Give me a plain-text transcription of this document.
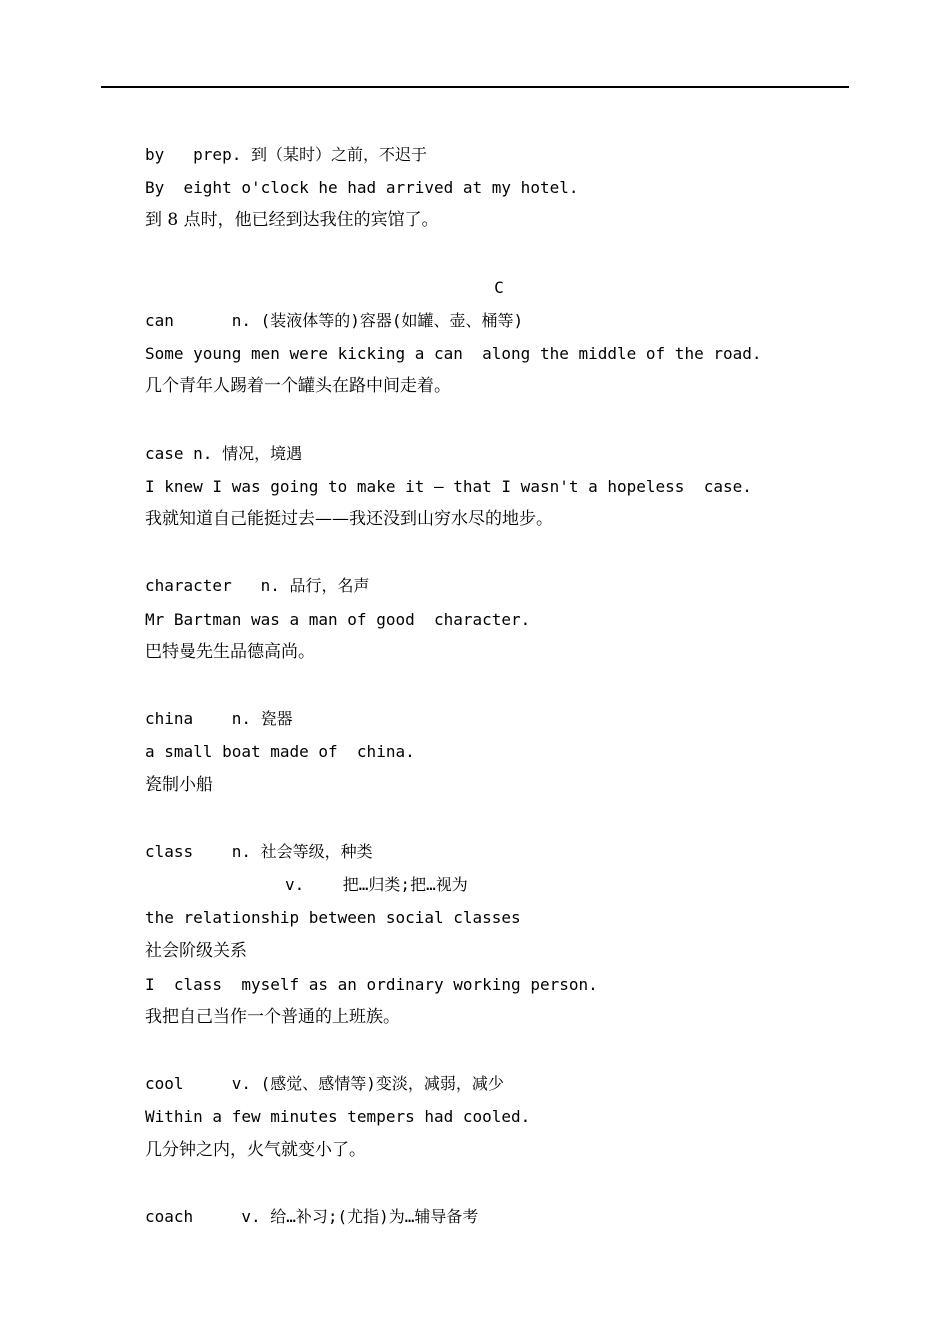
by   prep. 到（某时）之前，不迟于
By  eight o'clock he had arrived at my hotel.
到 8 点时，他已经到达我住的宾馆了。
C
can      n. (装液体等的)容器(如罐、壶、桶等)
Some young men were kicking a can  along the middle of the road.
几个青年人踢着一个罐头在路中间走着。
case n. 情况，境遇
I knew I was going to make it — that I wasn't a hopeless  case.
我就知道自己能挺过去——我还没到山穷水尽的地步。
character   n. 品行，名声
Mr Bartman was a man of good  character.
巴特曼先生品德高尚。
china    n. 瓷器
a small boat made of  china.
瓷制小船
class    n. 社会等级，种类
v.    把…归类;把…视为
the relationship between social classes
社会阶级关系
I  class  myself as an ordinary working person.
我把自己当作一个普通的上班族。
cool     v. (感觉、感情等)变淡，减弱，减少
Within a few minutes tempers had cooled.
几分钟之内，火气就变小了。
coach     v. 给…补习;(尤指)为…辅导备考
